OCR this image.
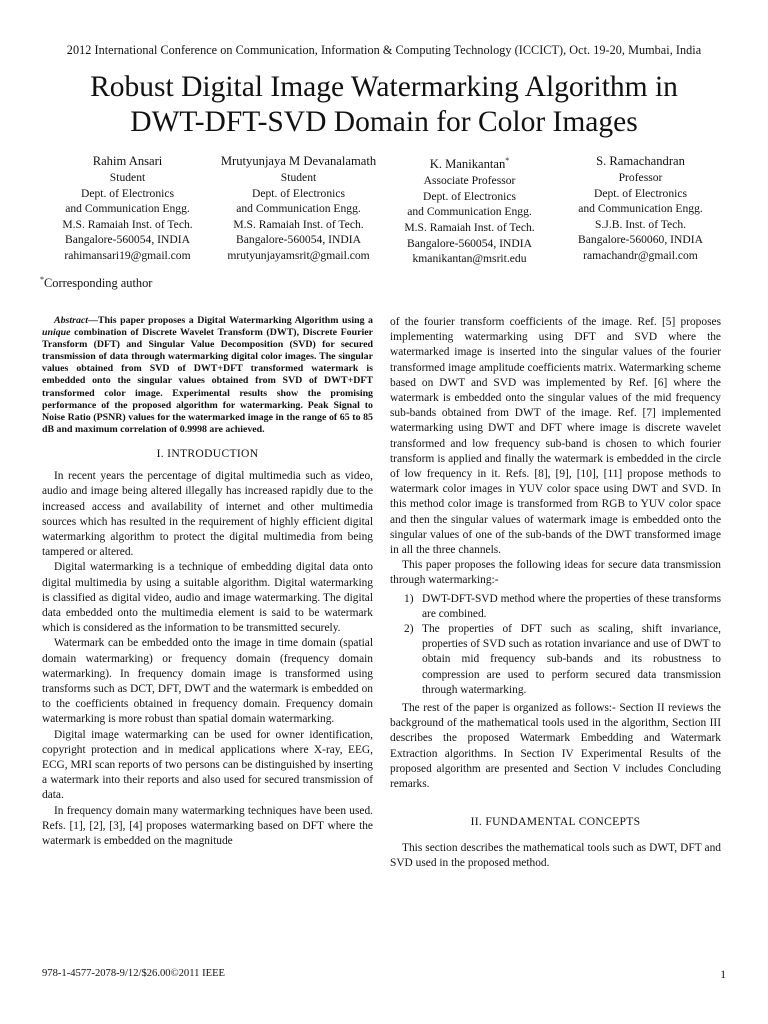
2012 International Conference on Communication, Information & Computing Technology (ICCICT), Oct. 19-20, Mumbai, India
Robust Digital Image Watermarking Algorithm in
DWT-DFT-SVD Domain for Color Images
Rahim Ansari
Student
Dept. of Electronics
and Communication Engg.
M.S. Ramaiah Inst. of Tech.
Bangalore-560054, INDIA
rahimansari19@gmail.com
Mrutyunjaya M Devanalamath
Student
Dept. of Electronics
and Communication Engg.
M.S. Ramaiah Inst. of Tech.
Bangalore-560054, INDIA
mrutyunjayamsrit@gmail.com
K. Manikantan*
Associate Professor
Dept. of Electronics
and Communication Engg.
M.S. Ramaiah Inst. of Tech.
Bangalore-560054, INDIA
kmanikantan@msrit.edu
S. Ramachandran
Professor
Dept. of Electronics
and Communication Engg.
S.J.B. Inst. of Tech.
Bangalore-560060, INDIA
ramachandr@gmail.com
*Corresponding author

Abstract—This paper proposes a Digital Watermarking Algorithm using a unique combination of Discrete Wavelet Transform (DWT), Discrete Fourier Transform (DFT) and Singular Value Decomposition (SVD) for secured transmission of data through watermarking digital color images. The singular values obtained from SVD of DWT+DFT transformed watermark is embedded onto the singular values obtained from SVD of DWT+DFT transformed color image. Experimental results show the promising performance of the proposed algorithm for watermarking. Peak Signal to Noise Ratio (PSNR) values for the watermarked image in the range of 65 to 85 dB and maximum correlation of 0.9998 are achieved.

I. INTRODUCTION

In recent years the percentage of digital multimedia such as video, audio and image being altered illegally has increased rapidly due to the increased access and availability of internet and other multimedia sources which has resulted in the requirement of highly efficient digital watermarking algorithm to protect the digital multimedia from being tampered or altered.

Digital watermarking is a technique of embedding digital data onto digital multimedia by using a suitable algorithm. Digital watermarking is classified as digital video, audio and image watermarking. The digital data embedded onto the multimedia element is said to be watermark which is considered as the information to be transmitted securely.

Watermark can be embedded onto the image in time domain (spatial domain watermarking) or frequency domain (frequency domain watermarking). In frequency domain image is transformed using transforms such as DCT, DFT, DWT and the watermark is embedded on to the coefficients obtained in frequency domain. Frequency domain watermarking is more robust than spatial domain watermarking.

Digital image watermarking can be used for owner identification, copyright protection and in medical applications where X-ray, EEG, ECG, MRI scan reports of two persons can be distinguished by inserting a watermark into their reports and also used for secured transmission of data.

In frequency domain many watermarking techniques have been used. Refs. [1], [2], [3], [4] proposes watermarking based on DFT where the watermark is embedded on the magnitude

of the fourier transform coefficients of the image. Ref. [5] proposes implementing watermarking using DFT and SVD where the watermarked image is inserted into the singular values of the fourier transformed image amplitude coefficients matrix. Watermarking scheme based on DWT and SVD was implemented by Ref. [6] where the watermark is embedded onto the singular values of the mid frequency sub-bands obtained from DWT of the image. Ref. [7] implemented watermarking using DWT and DFT where image is discrete wavelet transformed and low frequency sub-band is chosen to which fourier transform is applied and finally the watermark is embedded in the circle of low frequency in it. Refs. [8], [9], [10], [11] propose methods to watermark color images in YUV color space using DWT and SVD. In this method color image is transformed from RGB to YUV color space and then the singular values of watermark image is embedded onto the singular values of one of the sub-bands of the DWT transformed image in all the three channels.

This paper proposes the following ideas for secure data transmission through watermarking:-

1) DWT-DFT-SVD method where the properties of these transforms are combined.
2) The properties of DFT such as scaling, shift invariance, properties of SVD such as rotation invariance and use of DWT to obtain mid frequency sub-bands and its robustness to compression are used to perform secured data transmission through watermarking.

The rest of the paper is organized as follows:- Section II reviews the background of the mathematical tools used in the algorithm, Section III describes the proposed Watermark Embedding and Watermark Extraction algorithms. In Section IV Experimental Results of the proposed algorithm are presented and Section V includes Concluding remarks.

II. FUNDAMENTAL CONCEPTS

This section describes the mathematical tools such as DWT, DFT and SVD used in the proposed method.

978-1-4577-2078-9/12/$26.00©2011 IEEE	1
